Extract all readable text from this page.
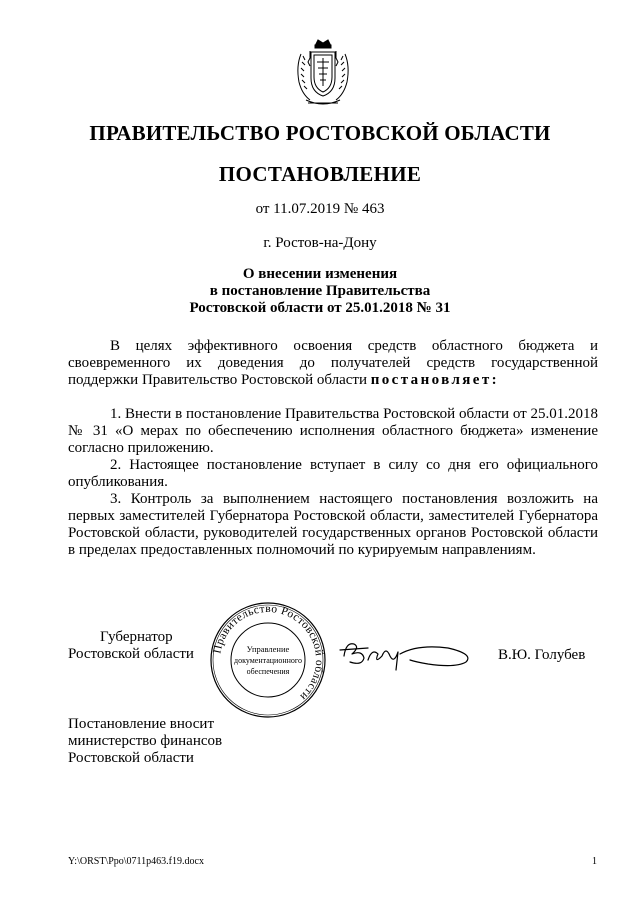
ПРАВИТЕЛЬСТВО РОСТОВСКОЙ ОБЛАСТИ
ПОСТАНОВЛЕНИЕ
от 11.07.2019 № 463
г. Ростов-на-Дону
О внесении изменения
в постановление Правительства
Ростовской области от 25.01.2018 № 31

В целях эффективного освоения средств областного бюджета и своевременного их доведения до получателей средств государственной поддержки Правительство Ростовской области постановляет:

1. Внести в постановление Правительства Ростовской области от 25.01.2018 № 31 «О мерах по обеспечению исполнения областного бюджета» изменение согласно приложению.

2. Настоящее постановление вступает в силу со дня его официального опубликования.

3. Контроль за выполнением настоящего постановления возложить на первых заместителей Губернатора Ростовской области, заместителей Губернатора Ростовской области, руководителей государственных органов Ростовской области в пределах предоставленных полномочий по курируемым направлениям.

Губернатор
Ростовской области	Правительство Ростовской области
Управление
документационного
обеспечения
В.Ю. Голубев
Постановление вносит
министерство финансов
Ростовской области
Y:\ORST\Ppo\0711p463.f19.docx	1
